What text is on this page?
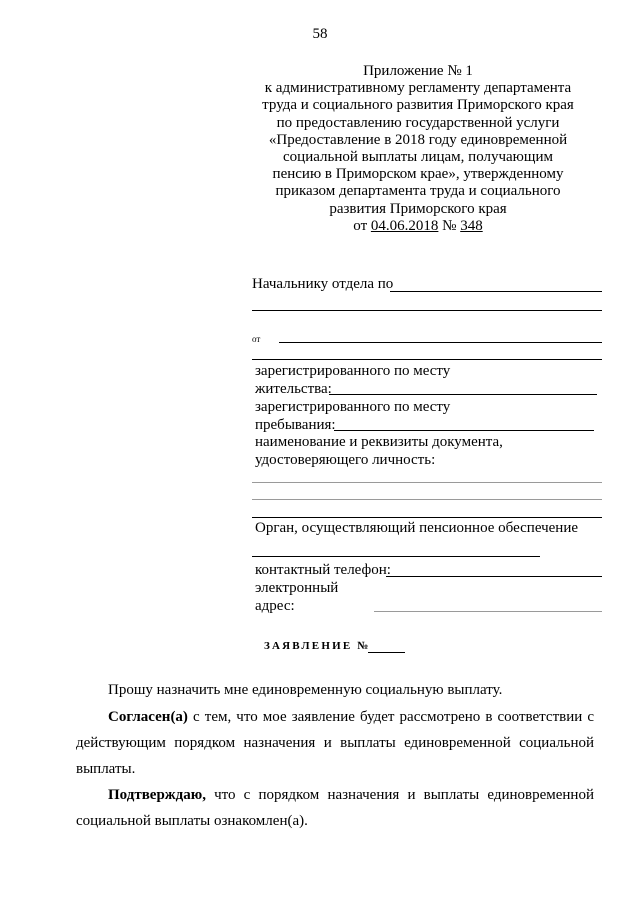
58
Приложение № 1
к административному регламенту департамента
труда и социального развития Приморского края
по предоставлению государственной услуги
«Предоставление в 2018 году единовременной
социальной выплаты лицам, получающим
пенсию в Приморском крае», утвержденному
приказом департамента труда и социального
развития Приморского края
от 04.06.2018 № 348
Начальнику отдела по
от
зарегистрированного по месту
жительства:
зарегистрированного по месту
пребывания:
наименование и реквизиты документа,
удостоверяющего личность:
Орган, осуществляющий пенсионное обеспечение
контактный телефон:
электронный
адрес:
ЗАЯВЛЕНИЕ №
Прошу назначить мне единовременную социальную выплату.
Согласен(а) с тем, что мое заявление будет рассмотрено в соответствии с действующим порядком назначения и выплаты единовременной социальной выплаты.
Подтверждаю, что с порядком назначения и выплаты единовременной социальной выплаты ознакомлен(а).
